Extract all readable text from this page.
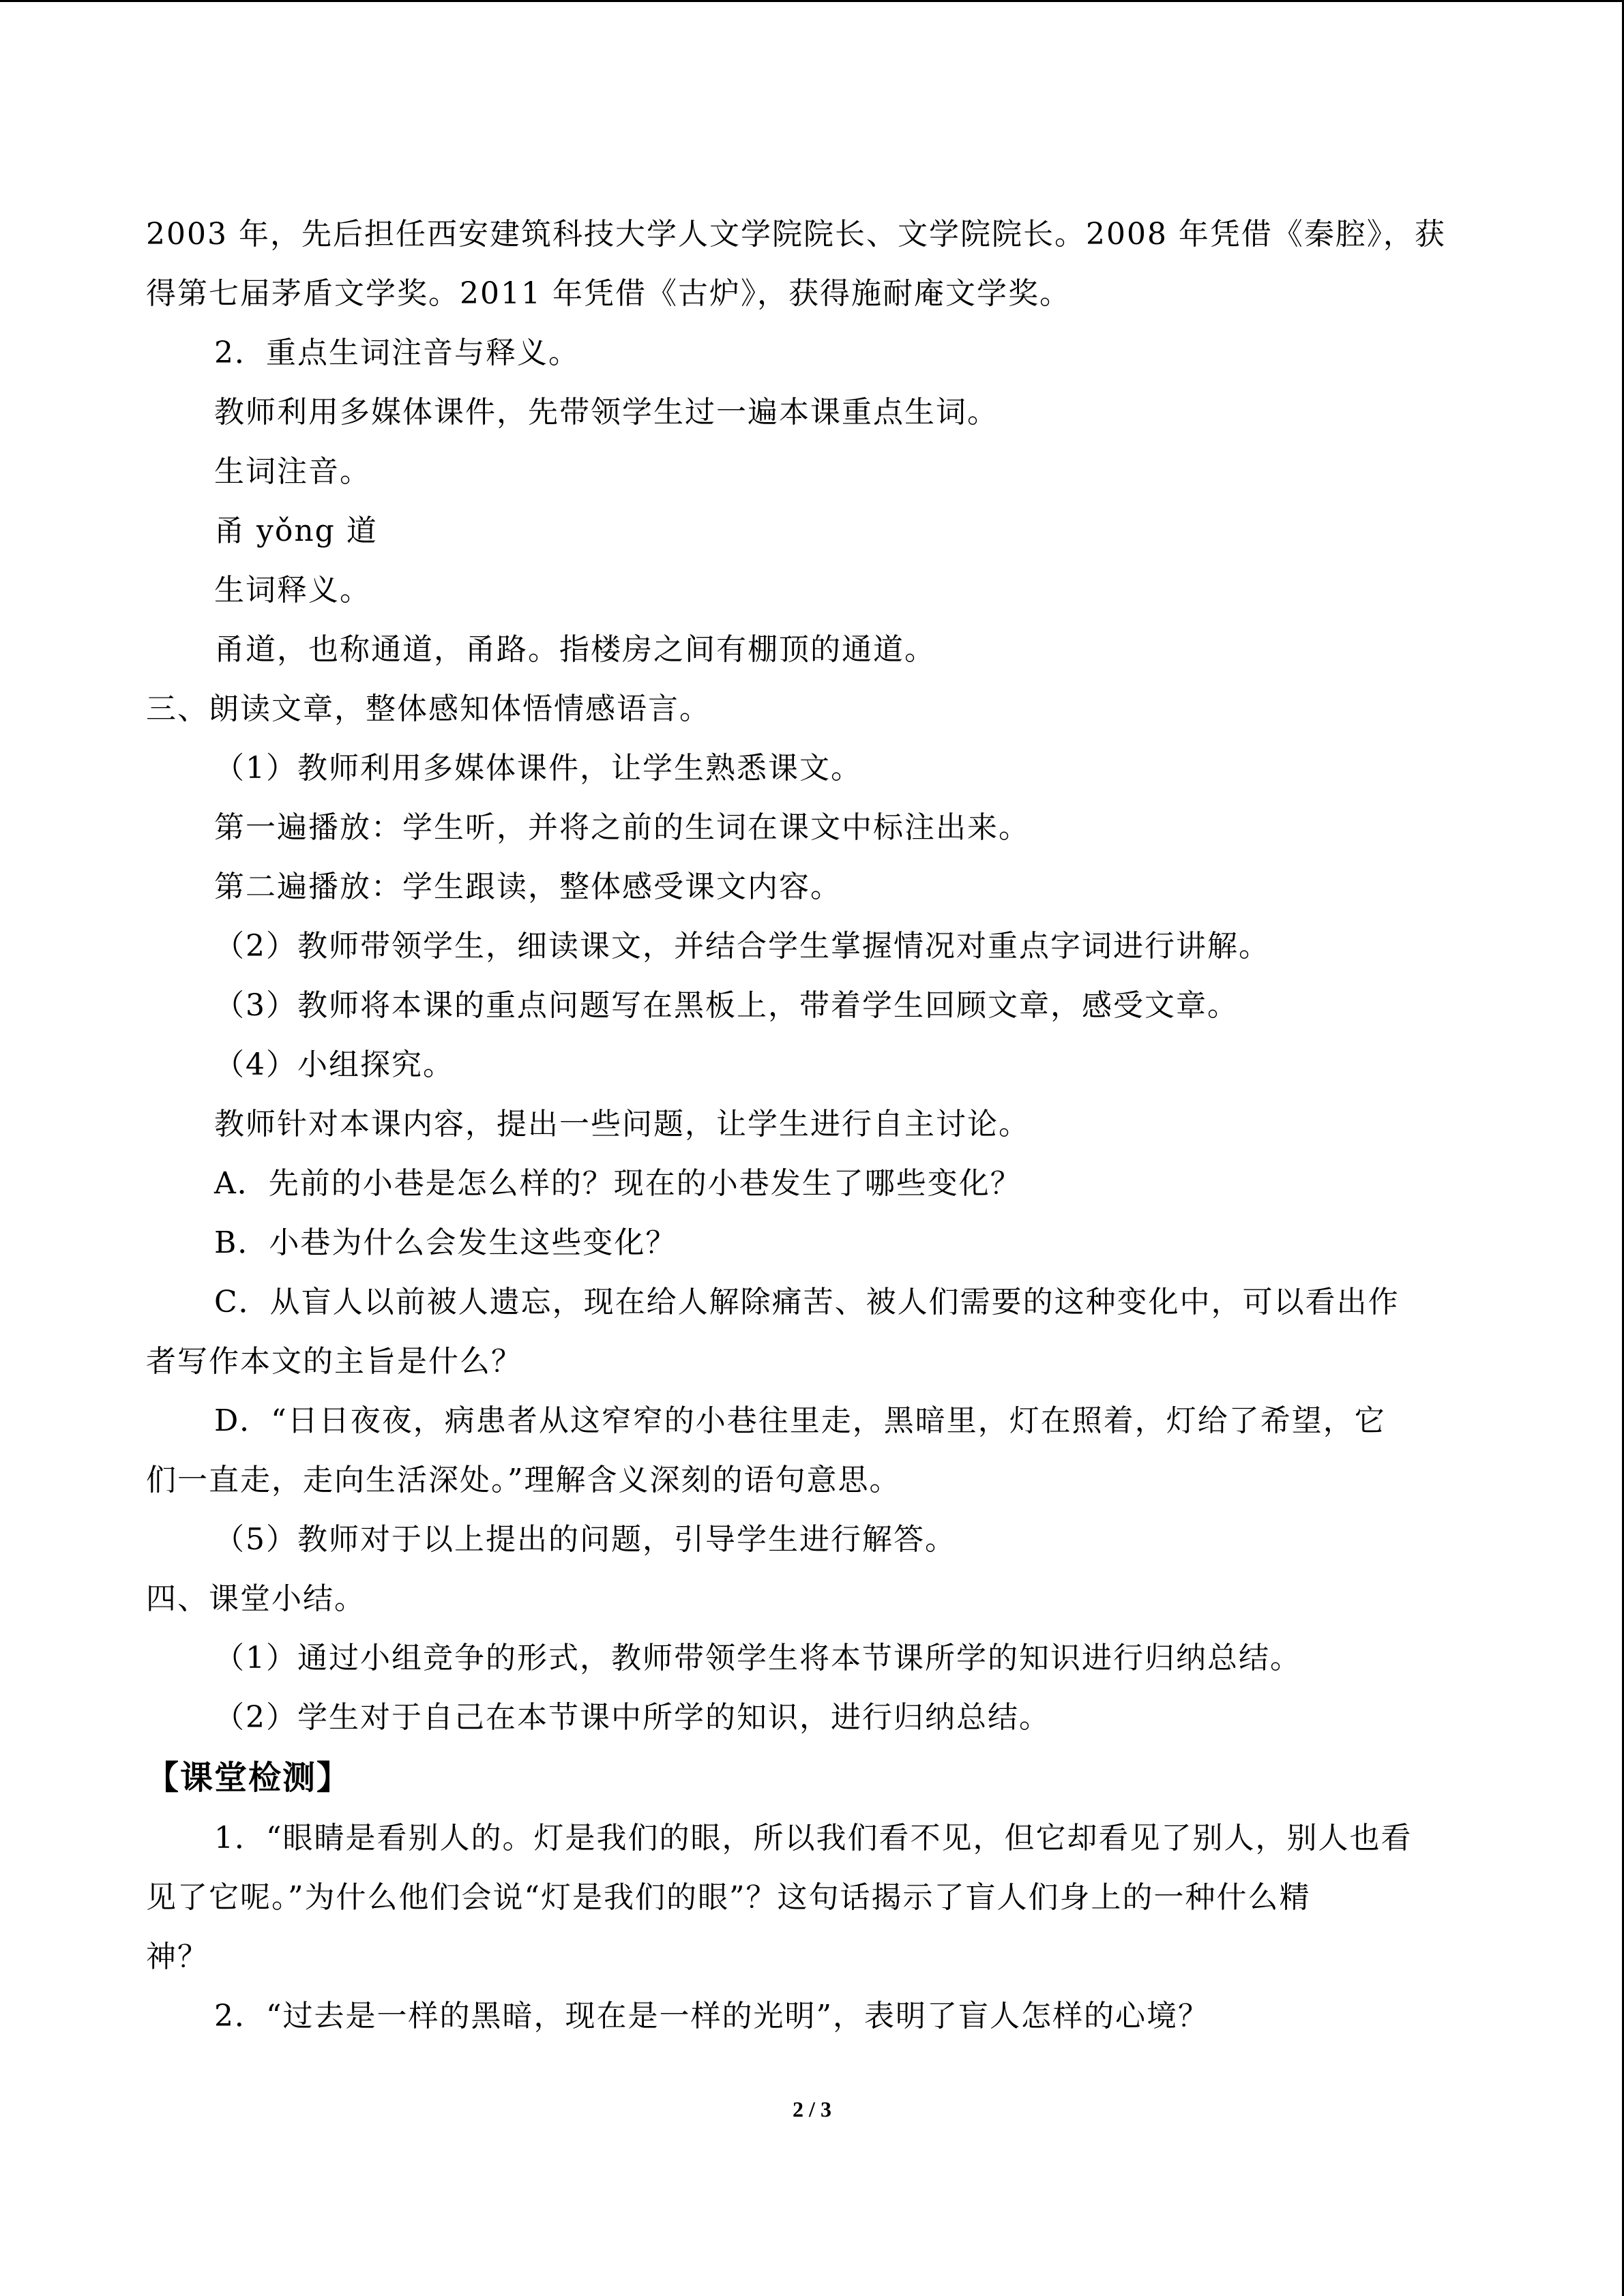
2003 年，先后担任西安建筑科技大学人文学院院长、文学院院长。2008 年凭借《秦腔》，获
得第七届茅盾文学奖。2011 年凭借《古炉》，获得施耐庵文学奖。
2．重点生词注音与释义。
教师利用多媒体课件，先带领学生过一遍本课重点生词。
生词注音。
甬 yǒng 道
生词释义。
甬道，也称通道，甬路。指楼房之间有棚顶的通道。
三、朗读文章，整体感知体悟情感语言。
（1）教师利用多媒体课件，让学生熟悉课文。
第一遍播放：学生听，并将之前的生词在课文中标注出来。
第二遍播放：学生跟读，整体感受课文内容。
（2）教师带领学生，细读课文，并结合学生掌握情况对重点字词进行讲解。
（3）教师将本课的重点问题写在黑板上，带着学生回顾文章，感受文章。
（4）小组探究。
教师针对本课内容，提出一些问题，让学生进行自主讨论。
A．先前的小巷是怎么样的？现在的小巷发生了哪些变化？
B．小巷为什么会发生这些变化？
C．从盲人以前被人遗忘，现在给人解除痛苦、被人们需要的这种变化中，可以看出作
者写作本文的主旨是什么？
D．“日日夜夜，病患者从这窄窄的小巷往里走，黑暗里，灯在照着，灯给了希望，它
们一直走，走向生活深处。”理解含义深刻的语句意思。
（5）教师对于以上提出的问题，引导学生进行解答。
四、课堂小结。
（1）通过小组竞争的形式，教师带领学生将本节课所学的知识进行归纳总结。
（2）学生对于自己在本节课中所学的知识，进行归纳总结。
【课堂检测】
1．“眼睛是看别人的。灯是我们的眼，所以我们看不见，但它却看见了别人，别人也看
见了它呢。”为什么他们会说“灯是我们的眼”？这句话揭示了盲人们身上的一种什么精
神？
2．“过去是一样的黑暗，现在是一样的光明”，表明了盲人怎样的心境？
2 / 3
